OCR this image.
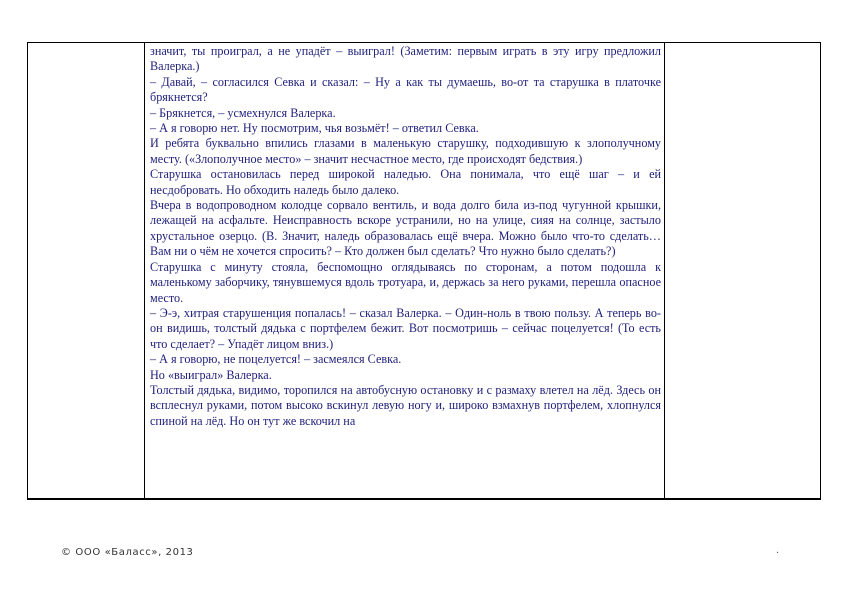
значит, ты проиграл, а не упадёт – выиграл! (Заметим: первым играть в эту игру предложил Валерка.)

– Давай, – согласился Севка и сказал: – Ну а как ты думаешь, во-от та старушка в платочке брякнется?

– Брякнется, – усмехнулся Валерка.

– А я говорю нет. Ну посмотрим, чья возьмёт! – ответил Севка.

И ребята буквально впились глазами в маленькую старушку, подходившую к злополучному месту. («Злополучное место» – значит несчастное место, где происходят бедствия.)

Старушка остановилась перед широкой наледью. Она понимала, что ещё шаг – и ей несдобровать. Но обходить наледь было далеко.

Вчера в водопроводном колодце сорвало вентиль, и вода долго била из-под чугунной крышки, лежащей на асфальте. Неисправность вскоре устранили, но на улице, сияя на солнце, застыло хрустальное озерцо. (В. Значит, наледь образовалась ещё вчера. Можно было что-то сделать… Вам ни о чём не хочется спросить? – Кто должен был сделать? Что нужно было сделать?)

Старушка с минуту стояла, беспомощно оглядываясь по сторонам, а потом подошла к маленькому заборчику, тянувшемуся вдоль тротуара, и, держась за него руками, перешла опасное место.

– Э-э, хитрая старушенция попалась! – сказал Валерка. – Один-ноль в твою пользу. А теперь во-он видишь, толстый дядька с портфелем бежит. Вот посмотришь – сейчас поцелуется! (То есть что сделает? – Упадёт лицом вниз.)

– А я говорю, не поцелуется! – засмеялся Севка.

Но «выиграл» Валерка.

Толстый дядька, видимо, торопился на автобусную остановку и с размаху влетел на лёд. Здесь он всплеснул руками, потом высоко вскинул левую ногу и, широко взмахнув портфелем, хлопнулся спиной на лёд. Но он тут же вскочил на

© ООО «Баласс», 2013	.
